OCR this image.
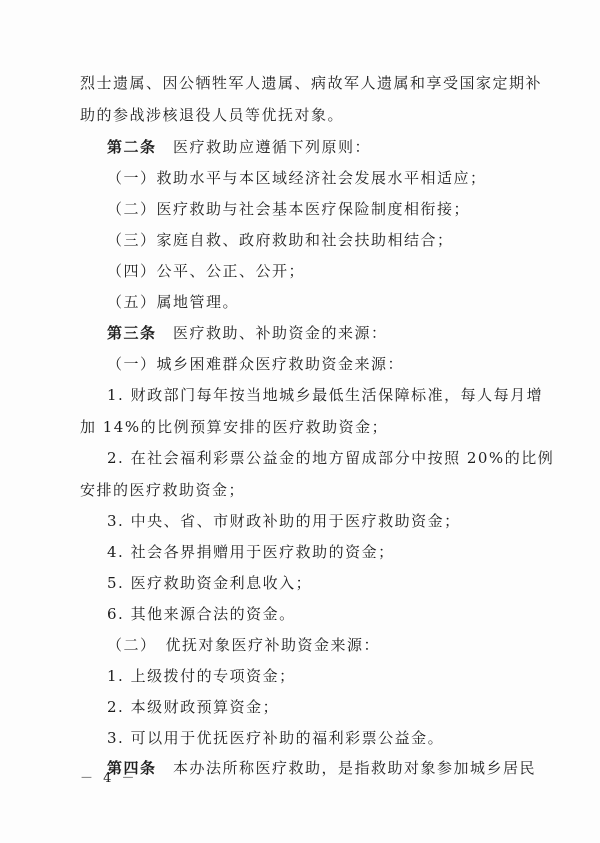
烈士遗属、因公牺牲军人遗属、病故军人遗属和享受国家定期补
助的参战涉核退役人员等优抚对象。
第二条　医疗救助应遵循下列原则：
（一）救助水平与本区域经济社会发展水平相适应；
（二）医疗救助与社会基本医疗保险制度相衔接；
（三）家庭自救、政府救助和社会扶助相结合；
（四）公平、公正、公开；
（五）属地管理。
第三条　医疗救助、补助资金的来源：
（一）城乡困难群众医疗救助资金来源：
1. 财政部门每年按当地城乡最低生活保障标准，每人每月增
加 14%的比例预算安排的医疗救助资金；
2. 在社会福利彩票公益金的地方留成部分中按照 20%的比例
安排的医疗救助资金；
3. 中央、省、市财政补助的用于医疗救助资金；
4. 社会各界捐赠用于医疗救助的资金；
5. 医疗救助资金利息收入；
6. 其他来源合法的资金。
（二）　优抚对象医疗补助资金来源：
1. 上级拨付的专项资金；
2. 本级财政预算资金；
3. 可以用于优抚医疗补助的福利彩票公益金。
第四条　本办法所称医疗救助，是指救助对象参加城乡居民
－ 4 －
